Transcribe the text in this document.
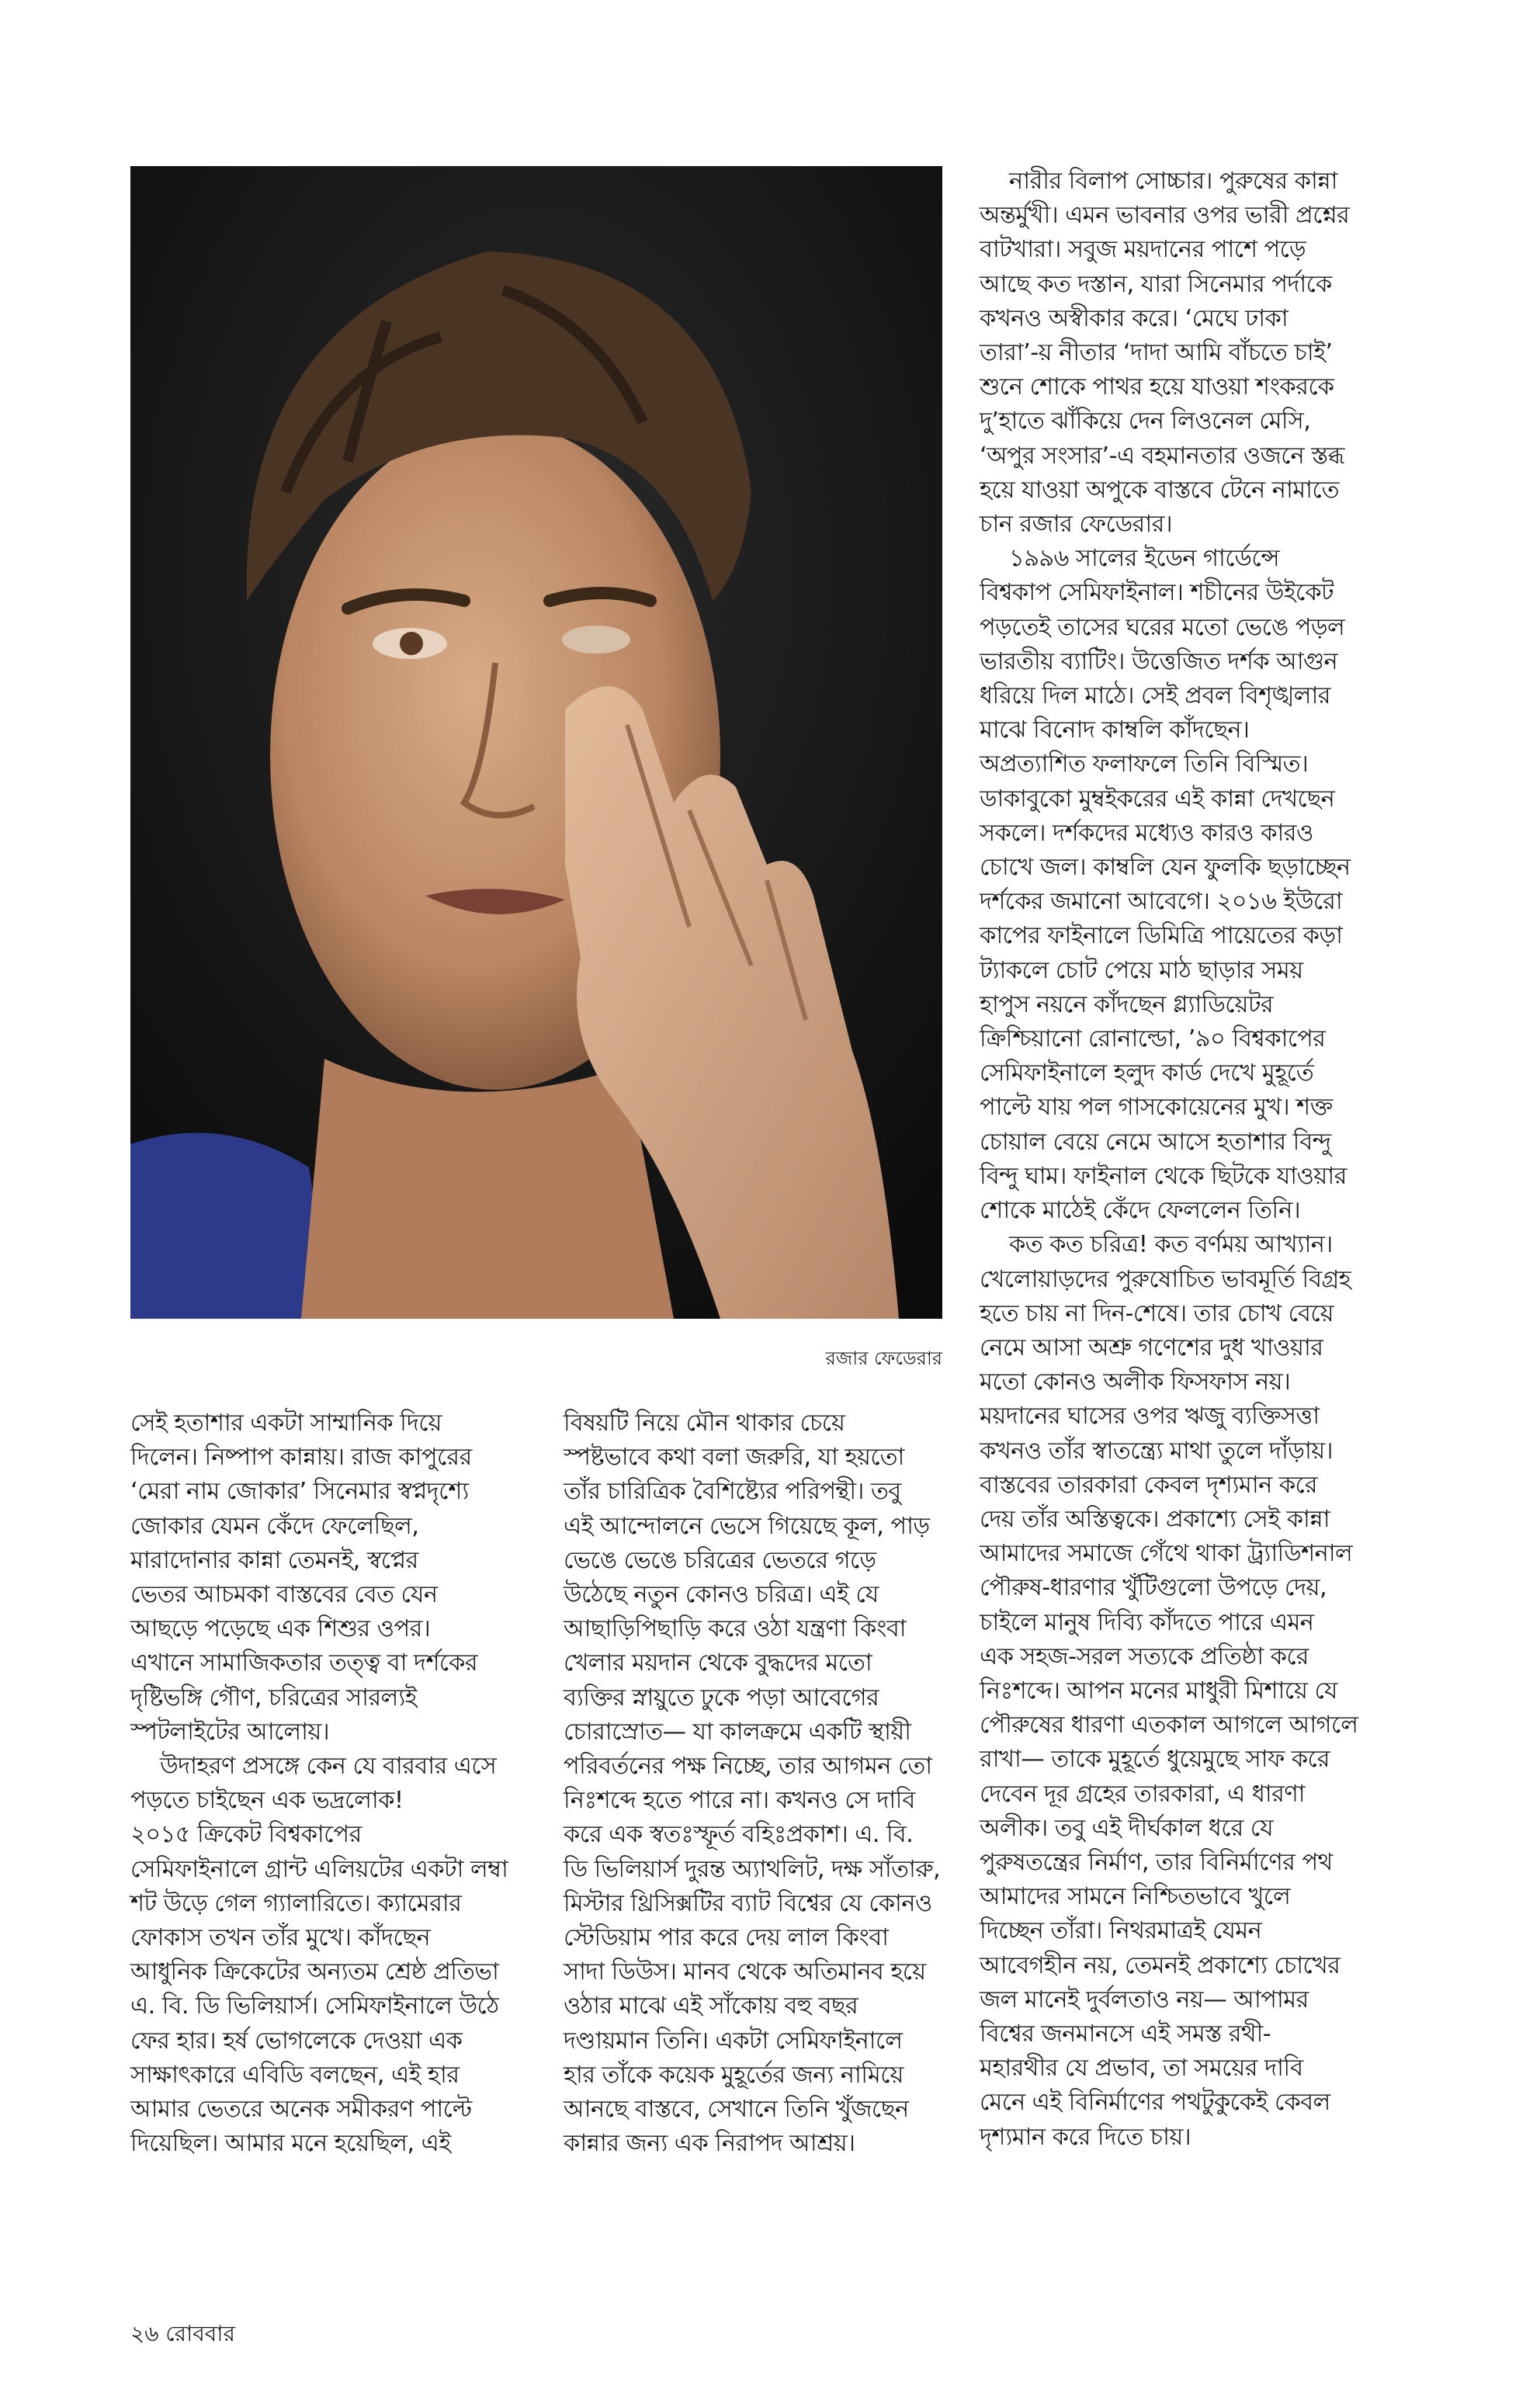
রজার ফেডেরার

নারীর বিলাপ সোচ্চার। পুরুষের কান্না
অন্তর্মুখী। এমন ভাবনার ওপর ভারী প্রশ্নের
বাটখারা। সবুজ ময়দানের পাশে পড়ে
আছে কত দস্তান, যারা সিনেমার পর্দাকে
কখনও অস্বীকার করে। ‘মেঘে ঢাকা
তারা’-য় নীতার ‘দাদা আমি বাঁচতে চাই’
শুনে শোকে পাথর হয়ে যাওয়া শংকরকে
দু’হাতে ঝাঁকিয়ে দেন লিওনেল মেসি,
‘অপুর সংসার’-এ বহমানতার ওজনে স্তব্ধ
হয়ে যাওয়া অপুকে বাস্তবে টেনে নামাতে
চান রজার ফেডেরার।

১৯৯৬ সালের ইডেন গার্ডেন্সে
বিশ্বকাপ সেমিফাইনাল। শচীনের উইকেট
পড়তেই তাসের ঘরের মতো ভেঙে পড়ল
ভারতীয় ব্যাটিং। উত্তেজিত দর্শক আগুন
ধরিয়ে দিল মাঠে। সেই প্রবল বিশৃঙ্খলার
মাঝে বিনোদ কাম্বলি কাঁদছেন।
অপ্রত্যাশিত ফলাফলে তিনি বিস্মিত।
ডাকাবুকো মুম্বইকরের এই কান্না দেখছেন
সকলে। দর্শকদের মধ্যেও কারও কারও
চোখে জল। কাম্বলি যেন ফুলকি ছড়াচ্ছেন
দর্শকের জমানো আবেগে। ২০১৬ ইউরো
কাপের ফাইনালে ডিমিত্রি পায়েতের কড়া
ট্যাকলে চোট পেয়ে মাঠ ছাড়ার সময়
হাপুস নয়নে কাঁদছেন গ্ল্যাডিয়েটর
ক্রিশ্চিয়ানো রোনাল্ডো, ’৯০ বিশ্বকাপের
সেমিফাইনালে হলুদ কার্ড দেখে মুহূর্তে
পাল্টে যায় পল গাসকোয়েনের মুখ। শক্ত
চোয়াল বেয়ে নেমে আসে হতাশার বিন্দু
বিন্দু ঘাম। ফাইনাল থেকে ছিটকে যাওয়ার
শোকে মাঠেই কেঁদে ফেললেন তিনি।

কত কত চরিত্র! কত বর্ণময় আখ্যান।
খেলোয়াড়দের পুরুষোচিত ভাবমূর্তি বিগ্রহ
হতে চায় না দিন-শেষে। তার চোখ বেয়ে
নেমে আসা অশ্রু গণেশের দুধ খাওয়ার
মতো কোনও অলীক ফিসফাস নয়।
ময়দানের ঘাসের ওপর ঋজু ব্যক্তিসত্তা
কখনও তাঁর স্বাতন্ত্র্যে মাথা তুলে দাঁড়ায়।
বাস্তবের তারকারা কেবল দৃশ্যমান করে
দেয় তাঁর অস্তিত্বকে। প্রকাশ্যে সেই কান্না
আমাদের সমাজে গেঁথে থাকা ট্র্যাডিশনাল
পৌরুষ-ধারণার খুঁটিগুলো উপড়ে দেয়,
চাইলে মানুষ দিব্যি কাঁদতে পারে এমন
এক সহজ-সরল সত্যকে প্রতিষ্ঠা করে
নিঃশব্দে। আপন মনের মাধুরী মিশায়ে যে
পৌরুষের ধারণা এতকাল আগলে আগলে
রাখা— তাকে মুহূর্তে ধুয়েমুছে সাফ করে
দেবেন দূর গ্রহের তারকারা, এ ধারণা
অলীক। তবু এই দীর্ঘকাল ধরে যে
পুরুষতন্ত্রের নির্মাণ, তার বিনির্মাণের পথ
আমাদের সামনে নিশ্চিতভাবে খুলে
দিচ্ছেন তাঁরা। নিথরমাত্রই যেমন
আবেগহীন নয়, তেমনই প্রকাশ্যে চোখের
জল মানেই দুর্বলতাও নয়— আপামর
বিশ্বের জনমানসে এই সমস্ত রথী-
মহারথীর যে প্রভাব, তা সময়ের দাবি
মেনে এই বিনির্মাণের পথটুকুকেই কেবল
দৃশ্যমান করে দিতে চায়।

সেই হতাশার একটা সাম্মানিক দিয়ে
দিলেন। নিষ্পাপ কান্নায়। রাজ কাপুরের
‘মেরা নাম জোকার’ সিনেমার স্বপ্নদৃশ্যে
জোকার যেমন কেঁদে ফেলেছিল,
মারাদোনার কান্না তেমনই, স্বপ্নের
ভেতর আচমকা বাস্তবের বেত যেন
আছড়ে পড়েছে এক শিশুর ওপর।
এখানে সামাজিকতার তত্ত্ব বা দর্শকের
দৃষ্টিভঙ্গি গৌণ, চরিত্রের সারল্যই
স্পটলাইটের আলোয়।

উদাহরণ প্রসঙ্গে কেন যে বারবার এসে
পড়তে চাইছেন এক ভদ্রলোক!
২০১৫ ক্রিকেট বিশ্বকাপের
সেমিফাইনালে গ্রান্ট এলিয়টের একটা লম্বা
শট উড়ে গেল গ্যালারিতে। ক্যামেরার
ফোকাস তখন তাঁর মুখে। কাঁদছেন
আধুনিক ক্রিকেটের অন্যতম শ্রেষ্ঠ প্রতিভা
এ. বি. ডি ভিলিয়ার্স। সেমিফাইনালে উঠে
ফের হার। হর্ষ ভোগলেকে দেওয়া এক
সাক্ষাৎকারে এবিডি বলছেন, এই হার
আমার ভেতরে অনেক সমীকরণ পাল্টে
দিয়েছিল। আমার মনে হয়েছিল, এই

বিষয়টি নিয়ে মৌন থাকার চেয়ে
স্পষ্টভাবে কথা বলা জরুরি, যা হয়তো
তাঁর চারিত্রিক বৈশিষ্ট্যের পরিপন্থী। তবু
এই আন্দোলনে ভেসে গিয়েছে কূল, পাড়
ভেঙে ভেঙে চরিত্রের ভেতরে গড়ে
উঠেছে নতুন কোনও চরিত্র। এই যে
আছাড়িপিছাড়ি করে ওঠা যন্ত্রণা কিংবা
খেলার ময়দান থেকে বুদ্ধদের মতো
ব্যক্তির স্নায়ুতে ঢুকে পড়া আবেগের
চোরাস্রোত— যা কালক্রমে একটি স্থায়ী
পরিবর্তনের পক্ষ নিচ্ছে, তার আগমন তো
নিঃশব্দে হতে পারে না। কখনও সে দাবি
করে এক স্বতঃস্ফূর্ত বহিঃপ্রকাশ। এ. বি.
ডি ভিলিয়ার্স দুরন্ত অ্যাথলিট, দক্ষ সাঁতারু,
মিস্টার থ্রিসিক্সটির ব্যাট বিশ্বের যে কোনও
স্টেডিয়াম পার করে দেয় লাল কিংবা
সাদা ডিউস। মানব থেকে অতিমানব হয়ে
ওঠার মাঝে এই সাঁকোয় বহু বছর
দণ্ডায়মান তিনি। একটা সেমিফাইনালে
হার তাঁকে কয়েক মুহূর্তের জন্য নামিয়ে
আনছে বাস্তবে, সেখানে তিনি খুঁজছেন
কান্নার জন্য এক নিরাপদ আশ্রয়।

২৬ রোববার
